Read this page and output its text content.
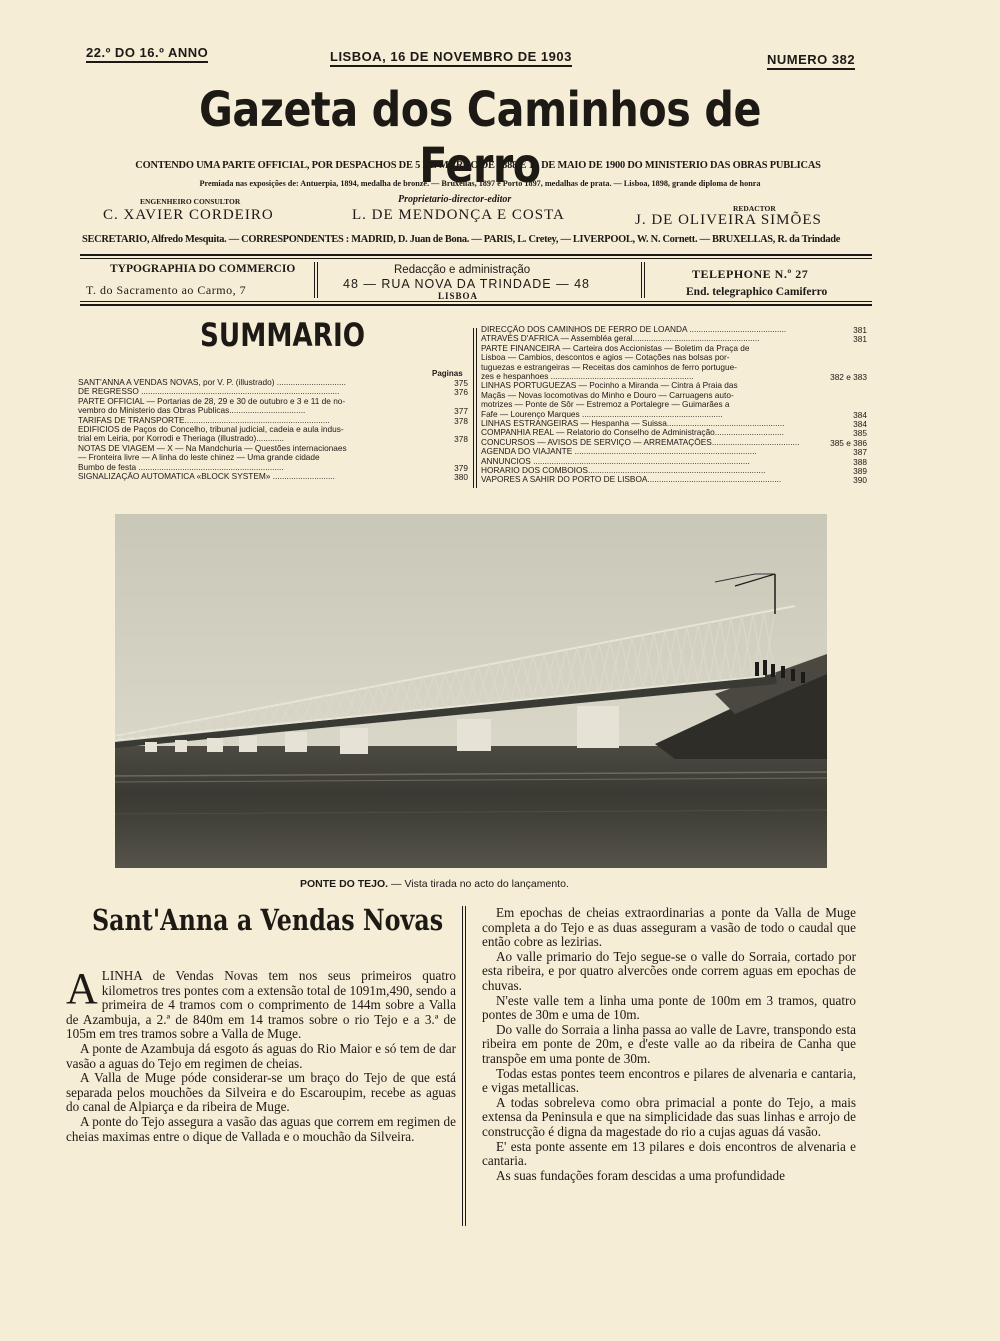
22.º DO 16.º ANNO	LISBOA, 16 DE NOVEMBRO DE 1903	NUMERO 382
Gazeta dos Caminhos de Ferro
CONTENDO UMA PARTE OFFICIAL, POR DESPACHOS DE 5 DE MARÇO DE 1888 E 13 DE MAIO DE 1900 DO MINISTERIO DAS OBRAS PUBLICAS
Premiada nas exposições de: Antuerpia, 1894, medalha de bronze. — Bruxellas, 1897 e Porto 1897, medalhas de prata. — Lisboa, 1898, grande diploma de honra
ENGENHEIRO CONSULTOR
C. XAVIER CORDEIRO
Proprietario-director-editor
L. DE MENDONÇA E COSTA	REDACTOR
J. DE OLIVEIRA SIMÕES
SECRETARIO, Alfredo Mesquita. — CORRESPONDENTES : MADRID, D. Juan de Bona. — PARIS, L. Cretey, — LIVERPOOL, W. N. Cornett. — BRUXELLAS, R. da Trindade
TYPOGRAPHIA DO COMMERCIO
T. do Sacramento ao Carmo, 7
Redacção e administração
48 — RUA NOVA DA TRINDADE — 48
LISBOA
TELEPHONE N.º 27
End. telegraphico Camiferro
SUMMARIO
Paginas
SANT'ANNA A VENDAS NOVAS, por V. P. (illustrado) ..............................	375
DE REGRESSO ......................................................................................	376
PARTE OFFICIAL — Portarias de 28, 29 e 30 de outubro e 3 e 11 de no-
vembro do Ministerio das Obras Publicas.................................	377
TARIFAS DE TRANSPORTE...............................................................	378
EDIFICIOS de Paços do Concelho, tribunal judicial, cadeia e aula indus-
trial em Leiria, por Korrodi e Theriaga (illustrado)............	378
NOTAS DE VIAGEM — X — Na Mandchuria — Questões internacionaes
— Fronteira livre — A linha do leste chinez — Uma grande cidade
Bumbo de festa ...............................................................	379
SIGNALIZAÇÃO AUTOMATICA «BLOCK SYSTEM» ...........................	380
DIRECÇÃO DOS CAMINHOS DE FERRO DE LOANDA ..........................................	381
ATRAVÉS D'AFRICA — Assembléa geral.......................................................	381
PARTE FINANCEIRA — Carteira dos Accionistas — Boletim da Praça de
Lisboa — Cambios, descontos e agios — Cotações nas bolsas por-
tuguezas e estrangeiras — Receitas dos caminhos de ferro portugue-
zes e hespanhoes ..............................................................	382 e 383
LINHAS PORTUGUEZAS — Pocinho a Miranda — Cintra á Praia das
Maçãs — Novas locomotivas do Minho e Douro — Carruagens auto-
motrizes — Ponte de Sôr — Estremoz a Portalegre — Guimarães a
Fafe — Lourenço Marques .............................................................	384
LINHAS ESTRANGEIRAS — Hespanha — Suissa...................................................	384
COMPANHIA REAL — Relatorio do Conselho de Administração..............................	385
CONCURSOS — AVISOS DE SERVIÇO — ARREMATAÇÕES......................................	385 e 386
AGENDA DO VIAJANTE ...............................................................................	387
ANNUNCIOS ..............................................................................................	388
HORARIO DOS COMBOIOS.............................................................................	389
VAPORES A SAHIR DO PORTO DE LISBOA..........................................................	390
PONTE DO TEJO. — Vista tirada no acto do lançamento.
Sant'Anna a Vendas Novas
A LINHA de Vendas Novas tem nos seus primeiros quatro kilometros tres pontes com a extensão total de 1091m,490, sendo a primeira de 4 tramos com o comprimento de 144m sobre a Valla de Azambuja, a 2.ª de 840m em 14 tramos sobre o rio Tejo e a 3.ª de 105m em tres tramos sobre a Valla de Muge.

A ponte de Azambuja dá esgoto ás aguas do Rio Maior e só tem de dar vasão a aguas do Tejo em regimen de cheias.

A Valla de Muge póde considerar-se um braço do Tejo de que está separada pelos mouchões da Silveira e do Escaroupim, recebe as aguas do canal de Alpiarça e da ribeira de Muge.

A ponte do Tejo assegura a vasão das aguas que correm em regimen de cheias maximas entre o dique de Vallada e o mouchão da Silveira.

Em epochas de cheias extraordinarias a ponte da Valla de Muge completa a do Tejo e as duas asseguram a vasão de todo o caudal que então cobre as lezirias.

Ao valle primario do Tejo segue-se o valle do Sorraia, cortado por esta ribeira, e por quatro alvercões onde correm aguas em epochas de chuvas.

N'este valle tem a linha uma ponte de 100m em 3 tramos, quatro pontes de 30m e uma de 10m.

Do valle do Sorraia a linha passa ao valle de Lavre, transpondo esta ribeira em ponte de 20m, e d'este valle ao da ribeira de Canha que transpõe em uma ponte de 30m.

Todas estas pontes teem encontros e pilares de alvenaria e cantaria, e vigas metallicas.

A todas sobreleva como obra primacial a ponte do Tejo, a mais extensa da Peninsula e que na simplicidade das suas linhas e arrojo de construcção é digna da magestade do rio a cujas aguas dá vasão.

E' esta ponte assente em 13 pilares e dois encontros de alvenaria e cantaria.

As suas fundações foram descidas a uma profundidade
